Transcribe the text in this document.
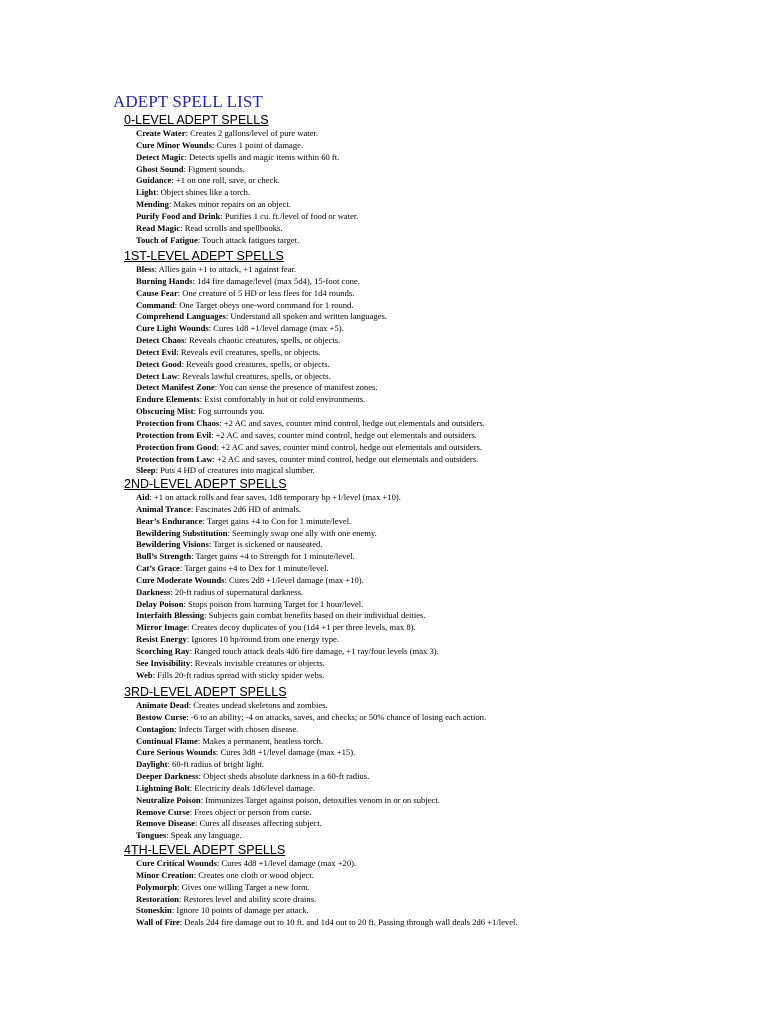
ADEPT SPELL LIST
0-LEVEL ADEPT SPELLS
Create Water: Creates 2 gallons/level of pure water.
Cure Minor Wounds: Cures 1 point of damage.
Detect Magic: Detects spells and magic items within 60 ft.
Ghost Sound: Figment sounds.
Guidance: +1 on one roll, save, or check.
Light: Object shines like a torch.
Mending: Makes minor repairs on an object.
Purify Food and Drink: Purifies 1 cu. ft./level of food or water.
Read Magic: Read scrolls and spellbooks.
Touch of Fatigue: Touch attack fatigues target.
1ST-LEVEL ADEPT SPELLS
Bless: Allies gain +1 to attack, +1 against fear.
Burning Hands: 1d4 fire damage/level (max 5d4), 15-foot cone.
Cause Fear: One creature of 5 HD or less flees for 1d4 rounds.
Command: One Target obeys one-word command for 1 round.
Comprehend Languages: Understand all spoken and written languages.
Cure Light Wounds: Cures 1d8 +1/level damage (max +5).
Detect Chaos: Reveals chaotic creatures, spells, or objects.
Detect Evil: Reveals evil creatures, spells, or objects.
Detect Good: Reveals good creatures, spells, or objects.
Detect Law: Reveals lawful creatures, spells, or objects.
Detect Manifest Zone: You can sense the presence of manifest zones.
Endure Elements: Exist comfortably in hot or cold environments.
Obscuring Mist: Fog surrounds you.
Protection from Chaos: +2 AC and saves, counter mind control, hedge out elementals and outsiders.
Protection from Evil: +2 AC and saves, counter mind control, hedge out elementals and outsiders.
Protection from Good: +2 AC and saves, counter mind control, hedge out elementals and outsiders.
Protection from Law: +2 AC and saves, counter mind control, hedge out elementals and outsiders.
Sleep: Puts 4 HD of creatures into magical slumber.
2ND-LEVEL ADEPT SPELLS
Aid: +1 on attack rolls and fear saves, 1d8 temporary hp +1/level (max +10).
Animal Trance: Fascinates 2d6 HD of animals.
Bear’s Endurance: Target gains +4 to Con for 1 minute/level.
Bewildering Substitution: Seemingly swap one ally with one enemy.
Bewildering Visions: Target is sickened or nauseated.
Bull’s Strength: Target gains +4 to Strength for 1 minute/level.
Cat’s Grace: Target gains +4 to Dex for 1 minute/level.
Cure Moderate Wounds: Cures 2d8 +1/level damage (max +10).
Darkness: 20-ft radius of supernatural darkness.
Delay Poison: Stops poison from harming Target for 1 hour/level.
Interfaith Blessing: Subjects gain combat benefits based on their individual deities.
Mirror Image: Creates decoy duplicates of you (1d4 +1 per three levels, max 8).
Resist Energy: Ignores 10 hp/round from one energy type.
Scorching Ray: Ranged touch attack deals 4d6 fire damage, +1 ray/four levels (max 3).
See Invisibility: Reveals invisible creatures or objects.
Web: Fills 20-ft radius spread with sticky spider webs.
3RD-LEVEL ADEPT SPELLS
Animate Dead: Creates undead skeletons and zombies.
Bestow Curse: -6 to an ability; -4 on attacks, saves, and checks; or 50% chance of losing each action.
Contagion: Infects Target with chosen disease.
Continual Flame: Makes a permanent, heatless torch.
Cure Serious Wounds: Cures 3d8 +1/level damage (max +15).
Daylight: 60-ft radius of bright light.
Deeper Darkness: Object sheds absolute darkness in a 60-ft radius.
Lightning Bolt: Electricity deals 1d6/level damage.
Neutralize Poison: Immunizes Target against poison, detoxifies venom in or on subject.
Remove Curse: Frees object or person from curse.
Remove Disease: Cures all diseases affecting subject.
Tongues: Speak any language.
4TH-LEVEL ADEPT SPELLS
Cure Critical Wounds: Cures 4d8 +1/level damage (max +20).
Minor Creation: Creates one cloth or wood object.
Polymorph: Gives one willing Target a new form.
Restoration: Restores level and ability score drains.
Stoneskin: Ignore 10 points of damage per attack.
Wall of Fire: Deals 2d4 fire damage out to 10 ft. and 1d4 out to 20 ft. Passing through wall deals 2d6 +1/level.
